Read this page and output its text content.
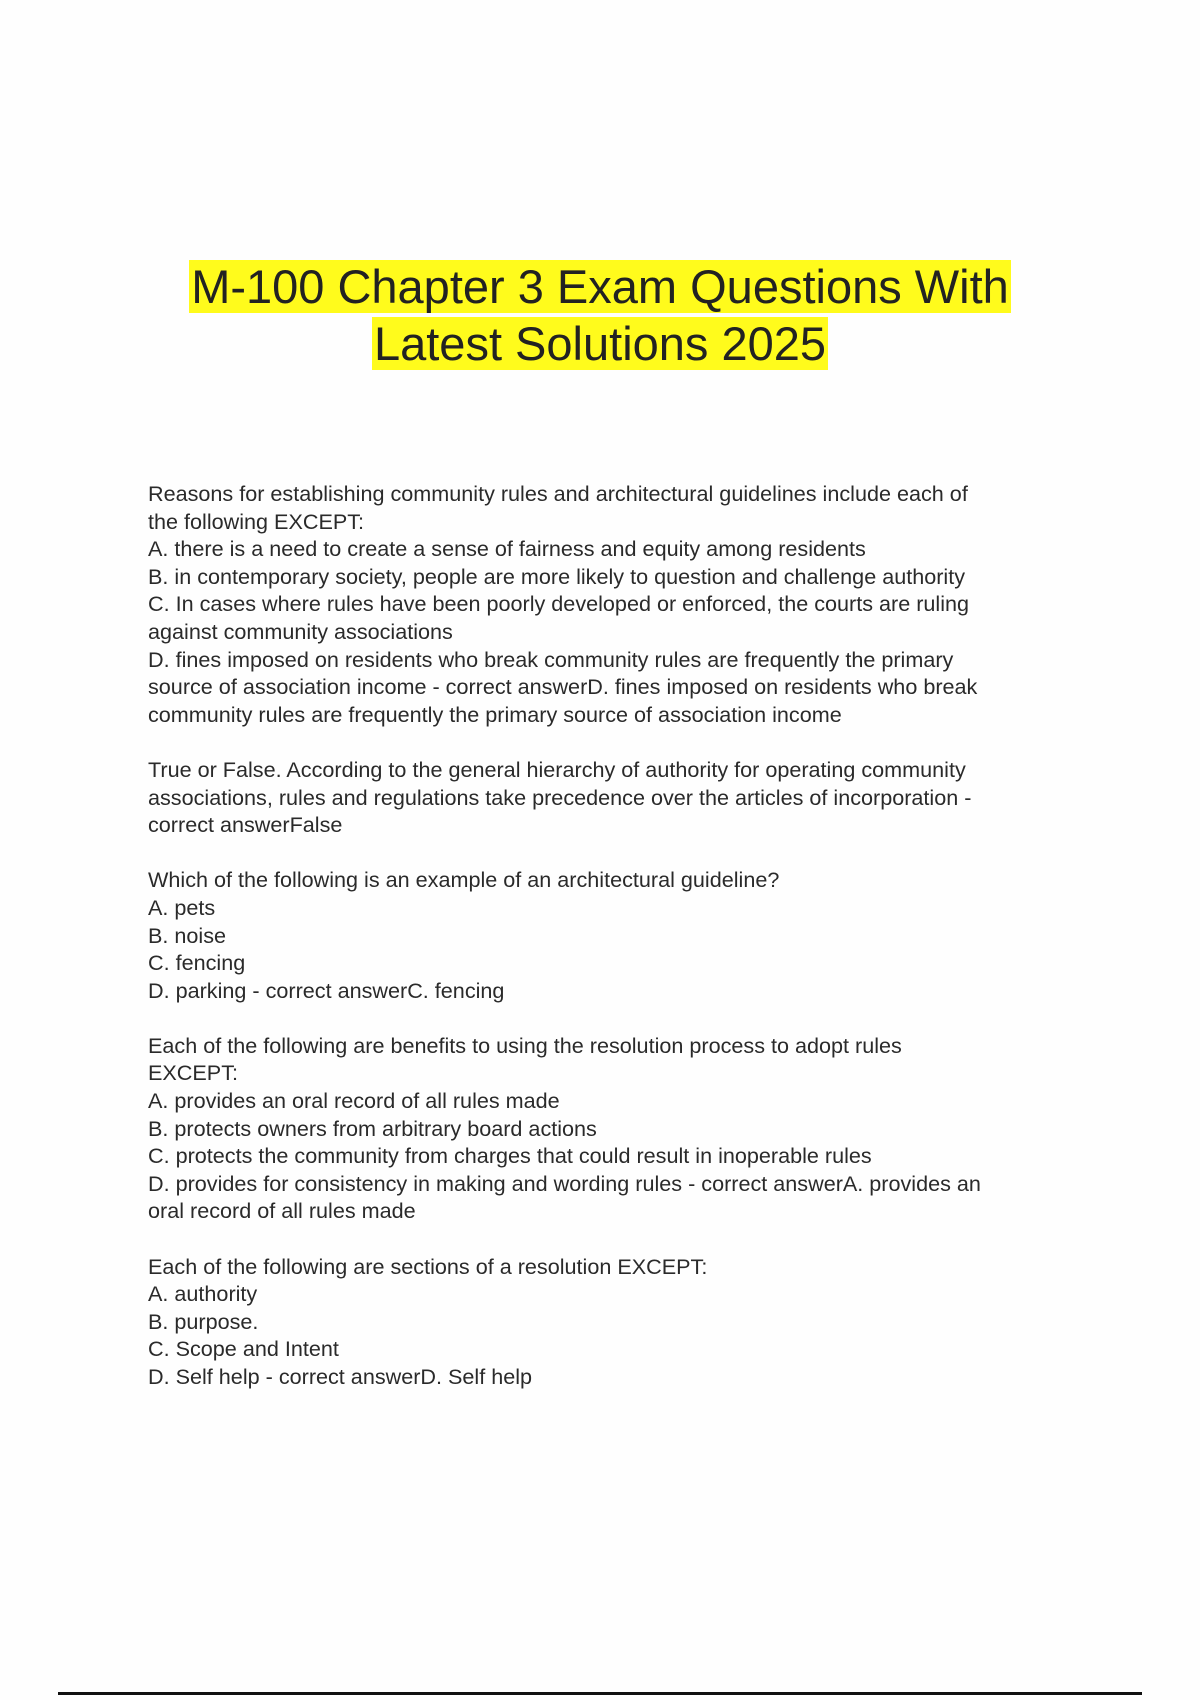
M-100 Chapter 3 Exam Questions With
Latest Solutions 2025
Reasons for establishing community rules and architectural guidelines include each of
the following EXCEPT:
A. there is a need to create a sense of fairness and equity among residents
B. in contemporary society, people are more likely to question and challenge authority
C. In cases where rules have been poorly developed or enforced, the courts are ruling
against community associations
D. fines imposed on residents who break community rules are frequently the primary
source of association income - correct answerD. fines imposed on residents who break
community rules are frequently the primary source of association income
True or False. According to the general hierarchy of authority for operating community
associations, rules and regulations take precedence over the articles of incorporation -
correct answerFalse
Which of the following is an example of an architectural guideline?
A. pets
B. noise
C. fencing
D. parking - correct answerC. fencing
Each of the following are benefits to using the resolution process to adopt rules
EXCEPT:
A. provides an oral record of all rules made
B. protects owners from arbitrary board actions
C. protects the community from charges that could result in inoperable rules
D. provides for consistency in making and wording rules - correct answerA. provides an
oral record of all rules made
Each of the following are sections of a resolution EXCEPT:
A. authority
B. purpose.
C. Scope and Intent
D. Self help - correct answerD. Self help
